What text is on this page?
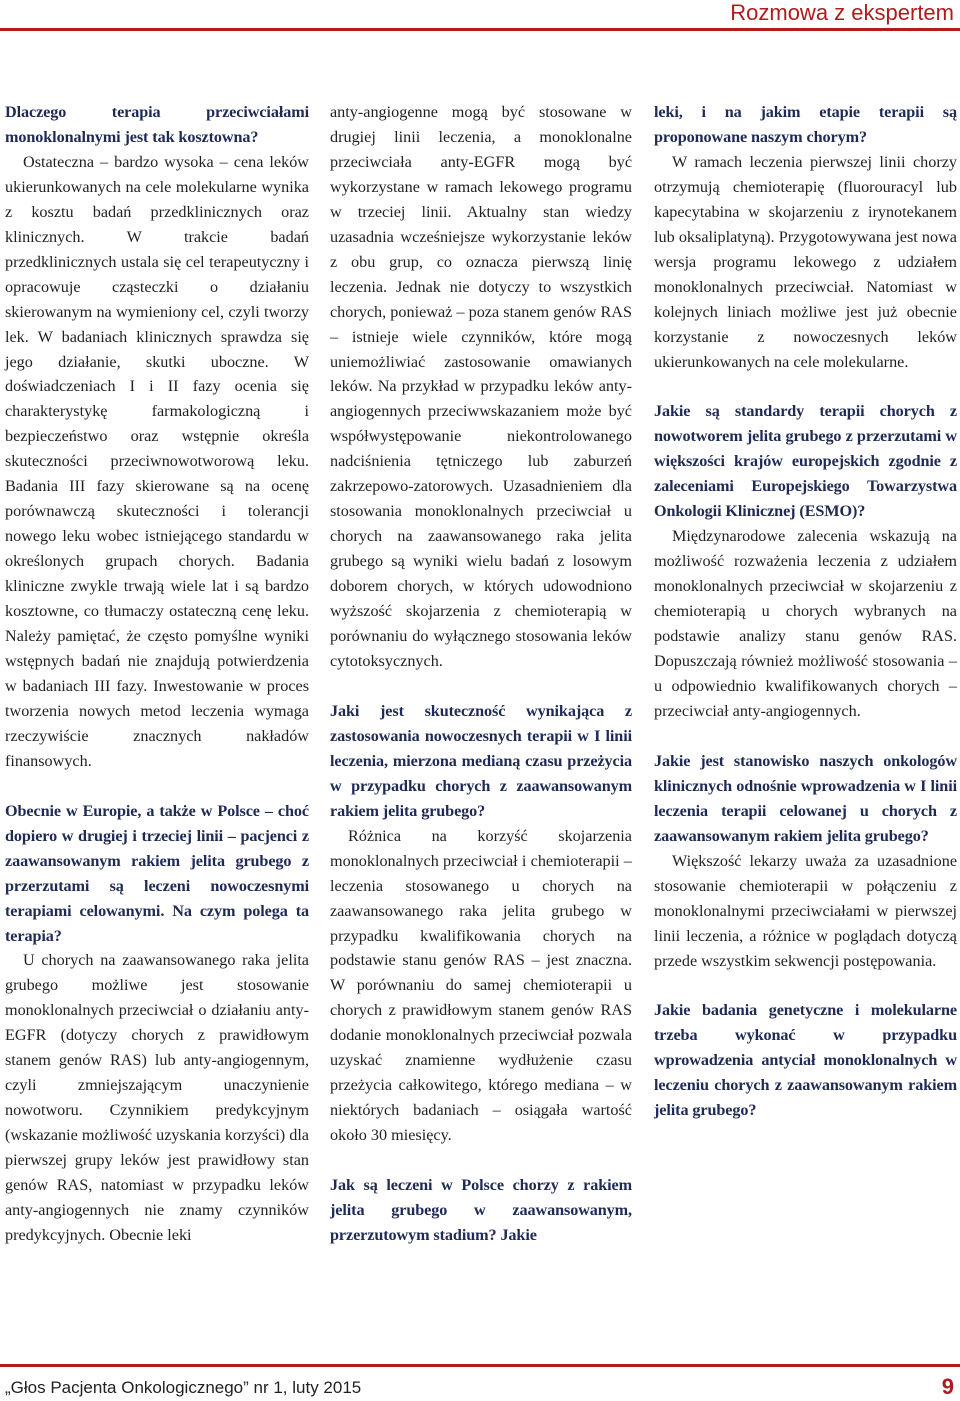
Rozmowa z ekspertem

Dlaczego terapia przeciwciałami monoklonalnymi jest tak kosztowna?

Ostateczna – bardzo wysoka – cena leków ukierunkowanych na cele molekularne wynika z kosztu badań przedklinicznych oraz klinicznych. W trakcie badań przedklinicznych ustala się cel terapeutyczny i opracowuje cząsteczki o działaniu skierowanym na wymieniony cel, czyli tworzy lek. W badaniach klinicznych sprawdza się jego działanie, skutki uboczne. W doświadczeniach I i II fazy ocenia się charakterystykę farmakologiczną i bezpieczeństwo oraz wstępnie określa skuteczności przeciwnowotworową leku. Badania III fazy skierowane są na ocenę porównawczą skuteczności i tolerancji nowego leku wobec istniejącego standardu w określonych grupach chorych. Badania kliniczne zwykle trwają wiele lat i są bardzo kosztowne, co tłumaczy ostateczną cenę leku. Należy pamiętać, że często pomyślne wyniki wstępnych badań nie znajdują potwierdzenia w badaniach III fazy. Inwestowanie w proces tworzenia nowych metod leczenia wymaga rzeczywiście znacznych nakładów finansowych.

Obecnie w Europie, a także w Polsce – choć dopiero w drugiej i trzeciej linii – pacjenci z zaawansowanym rakiem jelita grubego z przerzutami są leczeni nowoczesnymi terapiami celowanymi. Na czym polega ta terapia?

U chorych na zaawansowanego raka jelita grubego możliwe jest stosowanie monoklonalnych przeciwciał o działaniu anty-EGFR (dotyczy chorych z prawidłowym stanem genów RAS) lub anty-angiogennym, czyli zmniejszającym unaczynienie nowotworu. Czynnikiem predykcyjnym (wskazanie możliwość uzyskania korzyści) dla pierwszej grupy leków jest prawidłowy stan genów RAS, natomiast w przypadku leków anty-angiogennych nie znamy czynników predykcyjnych. Obecnie leki

anty-angiogenne mogą być stosowane w drugiej linii leczenia, a monoklonalne przeciwciała anty-EGFR mogą być wykorzystane w ramach lekowego programu w trzeciej linii. Aktualny stan wiedzy uzasadnia wcześniejsze wykorzystanie leków z obu grup, co oznacza pierwszą linię leczenia. Jednak nie dotyczy to wszystkich chorych, ponieważ – poza stanem genów RAS – istnieje wiele czynników, które mogą uniemożliwiać zastosowanie omawianych leków. Na przykład w przypadku leków anty-angiogennych przeciwwskazaniem może być współwystępowanie niekontrolowanego nadciśnienia tętniczego lub zaburzeń zakrzepowo-zatorowych. Uzasadnieniem dla stosowania monoklonalnych przeciwciał u chorych na zaawansowanego raka jelita grubego są wyniki wielu badań z losowym doborem chorych, w których udowodniono wyższość skojarzenia z chemioterapią w porównaniu do wyłącznego stosowania leków cytotoksycznych.

Jaki jest skuteczność wynikająca z zastosowania nowoczesnych terapii w I linii leczenia, mierzona medianą czasu przeżycia w przypadku chorych z zaawansowanym rakiem jelita grubego?

Różnica na korzyść skojarzenia monoklonalnych przeciwciał i chemioterapii – leczenia stosowanego u chorych na zaawansowanego raka jelita grubego w przypadku kwalifikowania chorych na podstawie stanu genów RAS – jest znaczna. W porównaniu do samej chemioterapii u chorych z prawidłowym stanem genów RAS dodanie monoklonalnych przeciwciał pozwala uzyskać znamienne wydłużenie czasu przeżycia całkowitego, którego mediana – w niektórych badaniach – osiągała wartość około 30 miesięcy.

Jak są leczeni w Polsce chorzy z rakiem jelita grubego w zaawansowanym, przerzutowym stadium? Jakie

leki, i na jakim etapie terapii są proponowane naszym chorym?

W ramach leczenia pierwszej linii chorzy otrzymują chemioterapię (fluorouracyl lub kapecytabina w skojarzeniu z irynotekanem lub oksaliplatyną). Przygotowywana jest nowa wersja programu lekowego z udziałem monoklonalnych przeciwciał. Natomiast w kolejnych liniach możliwe jest już obecnie korzystanie z nowoczesnych leków ukierunkowanych na cele molekularne.

Jakie są standardy terapii chorych z nowotworem jelita grubego z przerzutami w większości krajów europejskich zgodnie z zaleceniami Europejskiego Towarzystwa Onkologii Klinicznej (ESMO)?

Międzynarodowe zalecenia wskazują na możliwość rozważenia leczenia z udziałem monoklonalnych przeciwciał w skojarzeniu z chemioterapią u chorych wybranych na podstawie analizy stanu genów RAS. Dopuszczają również możliwość stosowania – u odpowiednio kwalifikowanych chorych – przeciwciał anty-angiogennych.

Jakie jest stanowisko naszych onkologów klinicznych odnośnie wprowadzenia w I linii leczenia terapii celowanej u chorych z zaawansowanym rakiem jelita grubego?

Większość lekarzy uważa za uzasadnione stosowanie chemioterapii w połączeniu z monoklonalnymi przeciwciałami w pierwszej linii leczenia, a różnice w poglądach dotyczą przede wszystkim sekwencji postępowania.

Jakie badania genetyczne i molekularne trzeba wykonać w przypadku wprowadzenia antyciał monoklonalnych w leczeniu chorych z zaawansowanym rakiem jelita grubego?

„Głos Pacjenta Onkologicznego” nr 1, luty 2015	9
